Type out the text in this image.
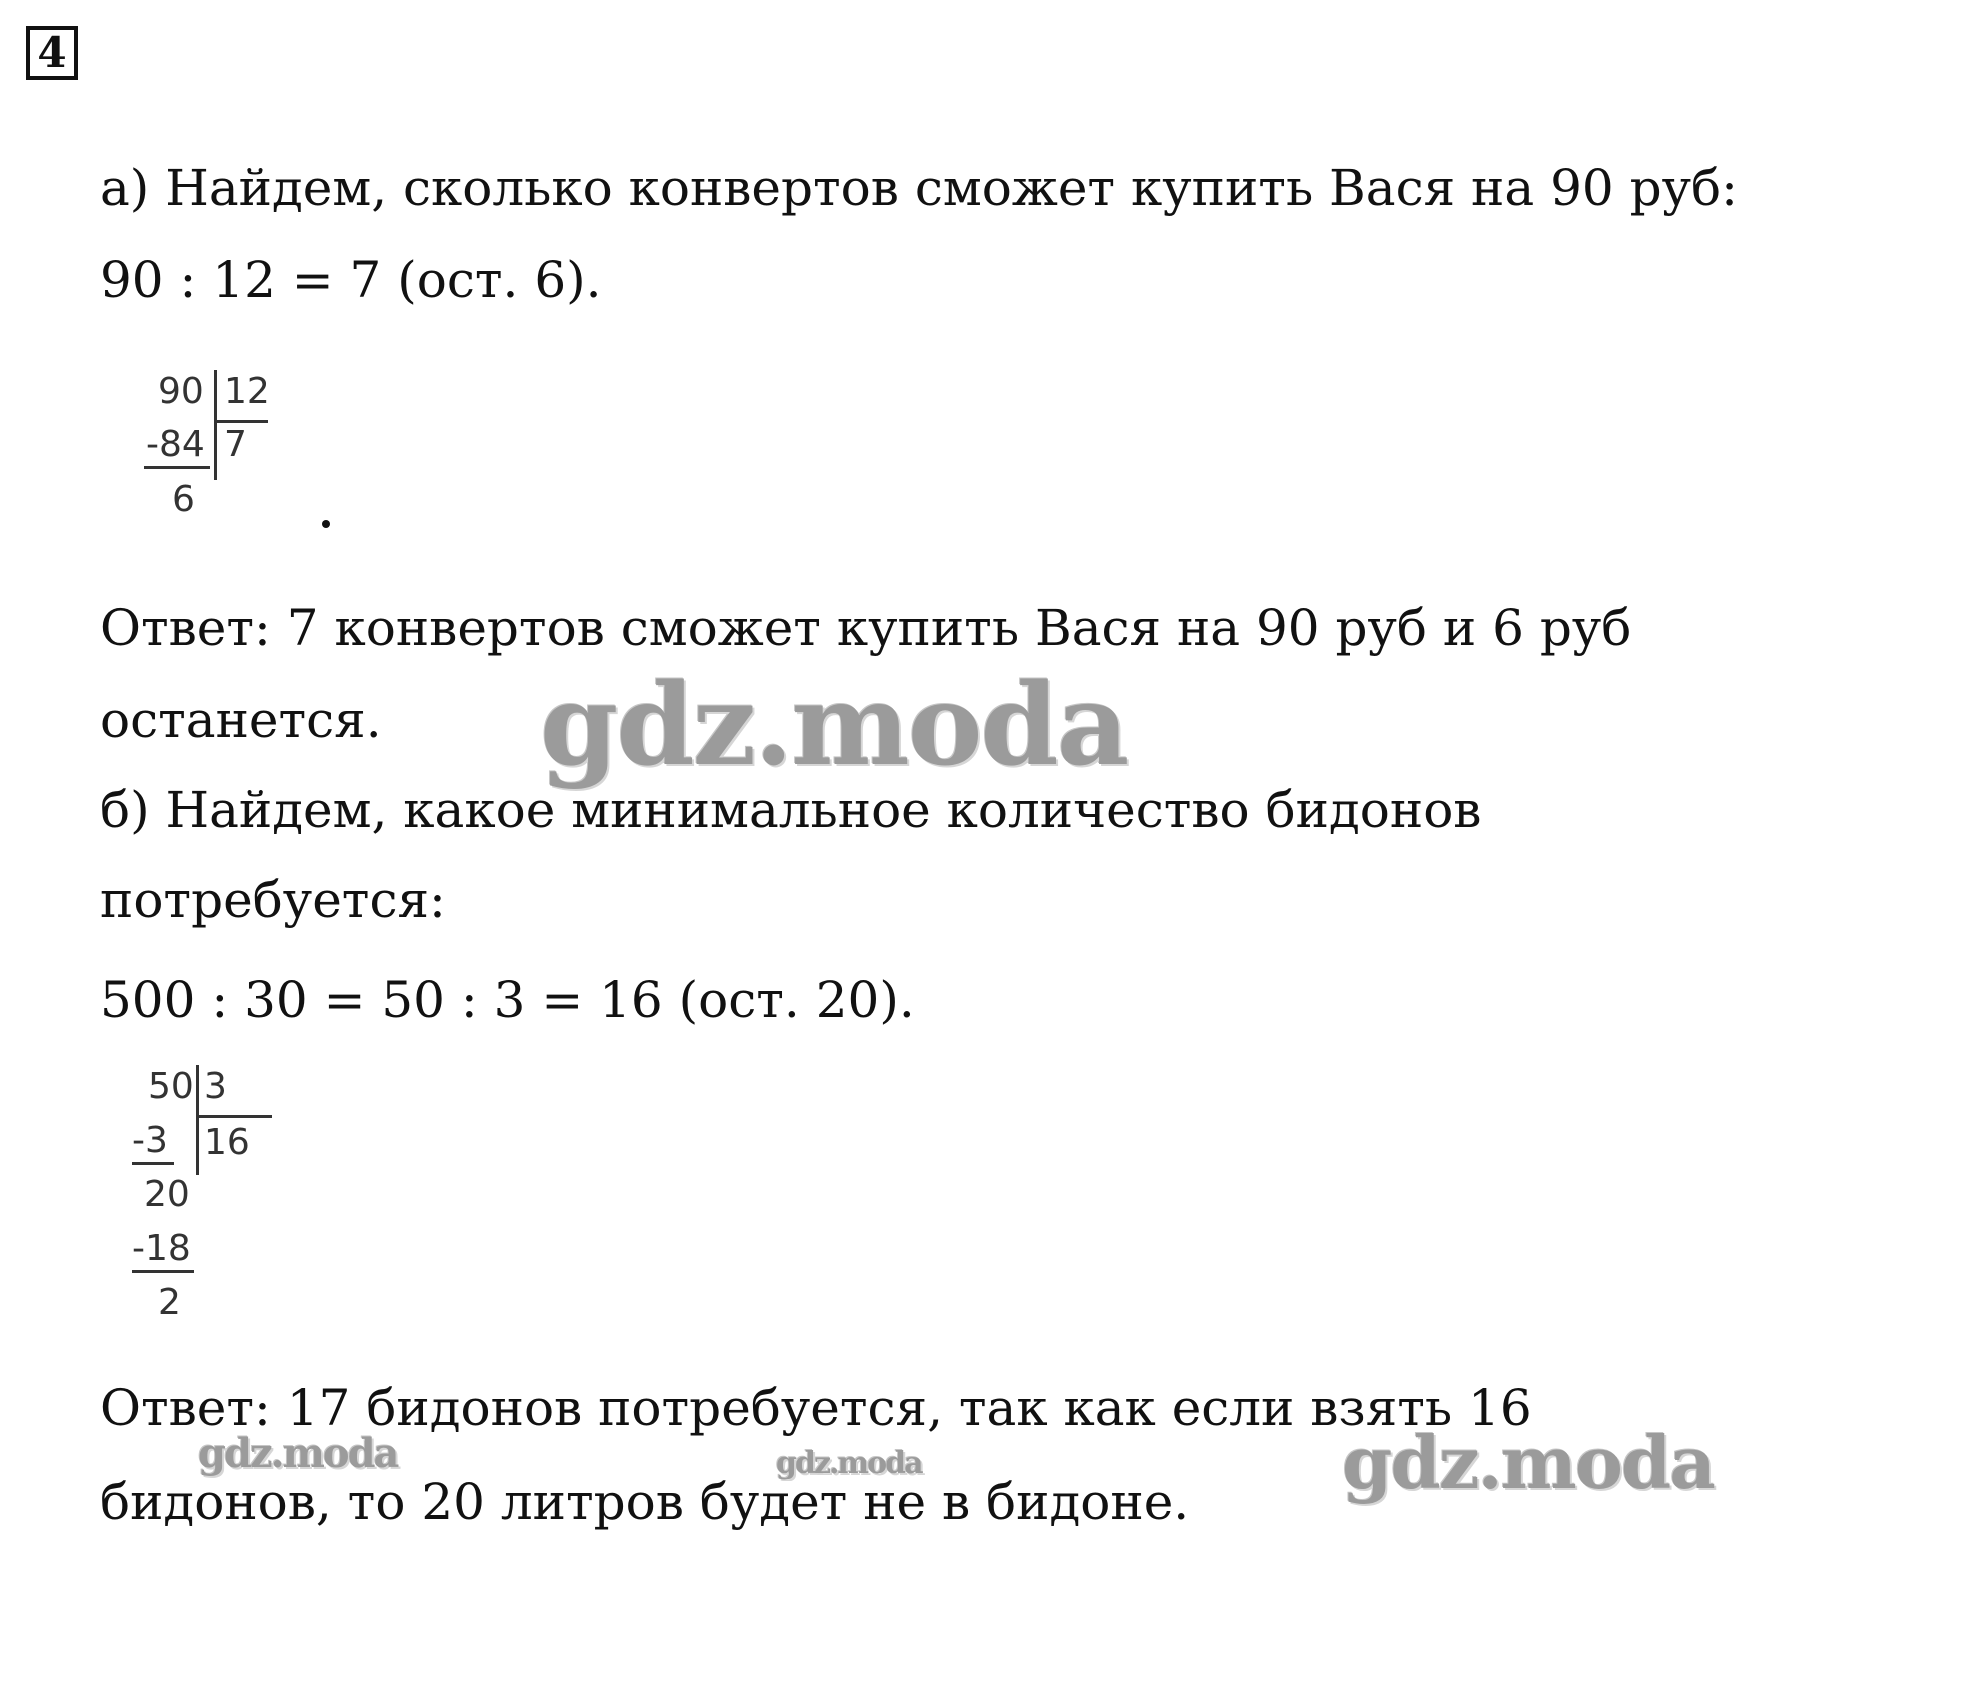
4
а) Найдем, сколько конвертов сможет купить Вася на 90 руб:
90 : 12 = 7 (ост. 6).
90 12
-84 7
6
Ответ: 7 конвертов сможет купить Вася на 90 руб и 6 руб
останется.
б) Найдем, какое минимальное количество бидонов
потребуется:
500 : 30 = 50 : 3 = 16 (ост. 20).
50 3
-3 16
20
-18
2
Ответ: 17 бидонов потребуется, так как если взять 16
бидонов, то 20 литров будет не в бидоне.
gdz.moda
gdz.moda	gdz.moda	gdz.moda
